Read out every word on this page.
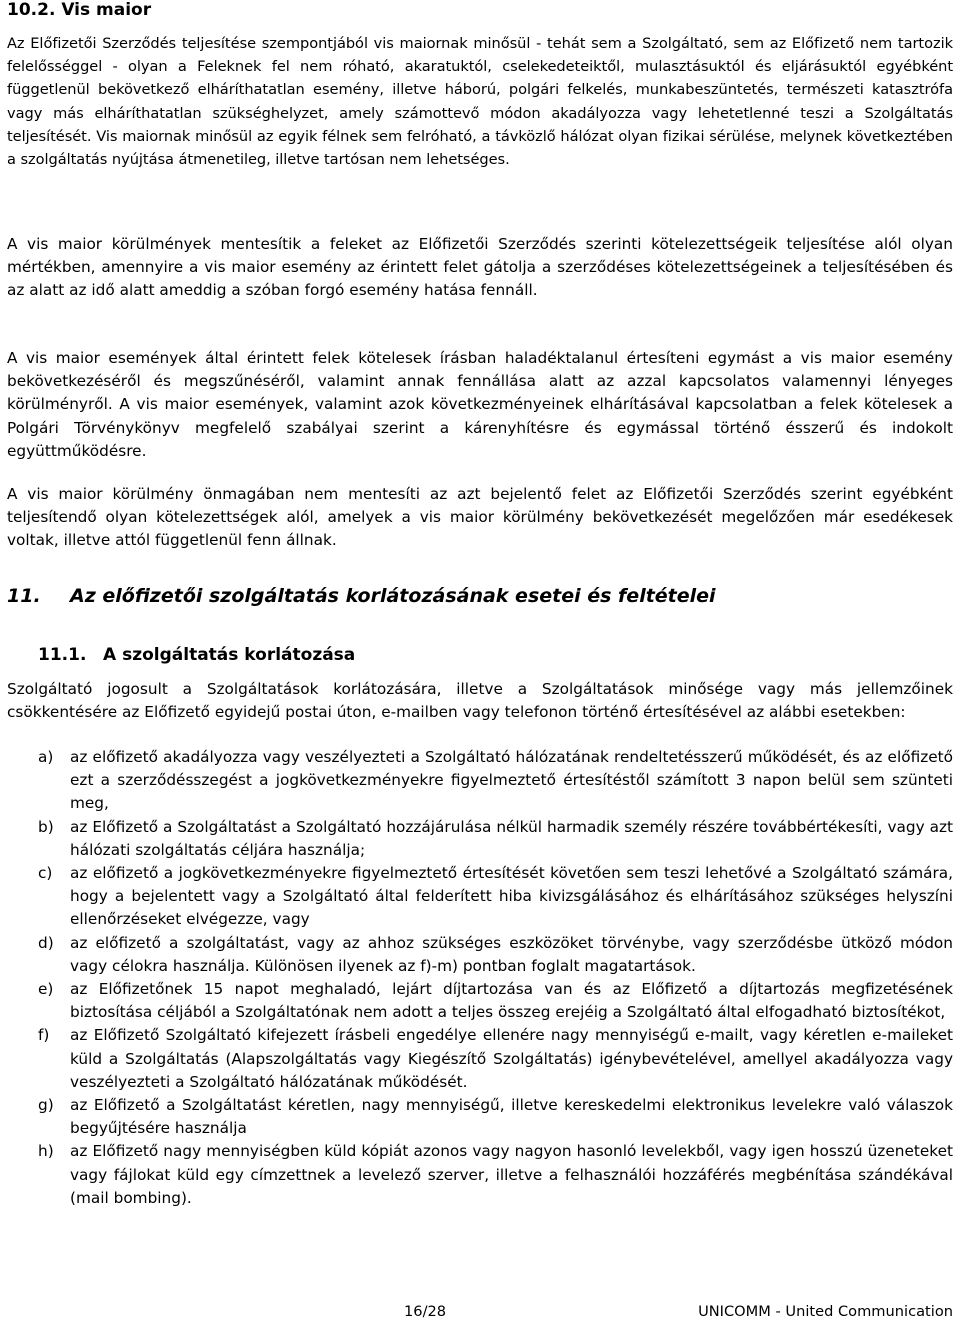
10.2. Vis maior

Az Előfizetői Szerződés teljesítése szempontjából vis maiornak minősül - tehát sem a Szolgáltató, sem az Előfizető nem tartozik felelősséggel - olyan a Feleknek fel nem róható, akaratuktól, cselekedeteiktől, mulasztásuktól és eljárásuktól egyébként függetlenül bekövetkező elháríthatatlan esemény, illetve háború, polgári felkelés, munkabeszüntetés, természeti katasztrófa vagy más elháríthatatlan szükséghelyzet, amely számottevő módon akadályozza vagy lehetetlenné teszi a Szolgáltatás teljesítését. Vis maiornak minősül az egyik félnek sem felróható, a távközlő hálózat olyan fizikai sérülése, melynek következtében a szolgáltatás nyújtása átmenetileg, illetve tartósan nem lehetséges.

A vis maior körülmények mentesítik a feleket az Előfizetői Szerződés szerinti kötelezettségeik teljesítése alól olyan mértékben, amennyire a vis maior esemény az érintett felet gátolja a szerződéses kötelezettségeinek a teljesítésében és az alatt az idő alatt ameddig a szóban forgó esemény hatása fennáll.

A vis maior események által érintett felek kötelesek írásban haladéktalanul értesíteni egymást a vis maior esemény bekövetkezéséről és megszűnéséről, valamint annak fennállása alatt az azzal kapcsolatos valamennyi lényeges körülményről. A vis maior események, valamint azok következményeinek elhárításával kapcsolatban a felek kötelesek a Polgári Törvénykönyv megfelelő szabályai szerint a kárenyhítésre és egymással történő ésszerű és indokolt együttműködésre.

A vis maior körülmény önmagában nem mentesíti az azt bejelentő felet az Előfizetői Szerződés szerint egyébként teljesítendő olyan kötelezettségek alól, amelyek a vis maior körülmény bekövetkezését megelőzően már esedékesek voltak, illetve attól függetlenül fenn állnak.

11. Az előfizetői szolgáltatás korlátozásának esetei és feltételei
11.1. A szolgáltatás korlátozása

Szolgáltató jogosult a Szolgáltatások korlátozására, illetve a Szolgáltatások minősége vagy más jellemzőinek csökkentésére az Előfizető egyidejű postai úton, e-mailben vagy telefonon történő értesítésével az alábbi esetekben:

a) az előfizető akadályozza vagy veszélyezteti a Szolgáltató hálózatának rendeltetésszerű működését, és az előfizető ezt a szerződésszegést a jogkövetkezményekre figyelmeztető értesítéstől számított 3 napon belül sem szünteti meg,
b) az Előfizető a Szolgáltatást a Szolgáltató hozzájárulása nélkül harmadik személy részére továbbértékesíti, vagy azt hálózati szolgáltatás céljára használja;
c) az előfizető a jogkövetkezményekre figyelmeztető értesítését követően sem teszi lehetővé a Szolgáltató számára, hogy a bejelentett vagy a Szolgáltató által felderített hiba kivizsgálásához és elhárításához szükséges helyszíni ellenőrzéseket elvégezze, vagy
d) az előfizető a szolgáltatást, vagy az ahhoz szükséges eszközöket törvénybe, vagy szerződésbe ütköző módon vagy célokra használja. Különösen ilyenek az f)-m) pontban foglalt magatartások.
e) az Előfizetőnek 15 napot meghaladó, lejárt díjtartozása van és az Előfizető a díjtartozás megfizetésének biztosítása céljából a Szolgáltatónak nem adott a teljes összeg erejéig a Szolgáltató által elfogadható biztosítékot,
f) az Előfizető Szolgáltató kifejezett írásbeli engedélye ellenére nagy mennyiségű e-mailt, vagy kéretlen e-maileket küld a Szolgáltatás (Alapszolgáltatás vagy Kiegészítő Szolgáltatás) igénybevételével, amellyel akadályozza vagy veszélyezteti a Szolgáltató hálózatának működését.
g) az Előfizető a Szolgáltatást kéretlen, nagy mennyiségű, illetve kereskedelmi elektronikus levelekre való válaszok begyűjtésére használja
h) az Előfizető nagy mennyiségben küld kópiát azonos vagy nagyon hasonló levelekből, vagy igen hosszú üzeneteket vagy fájlokat küld egy címzettnek a levelező szerver, illetve a felhasználói hozzáférés megbénítása szándékával (mail bombing).
16/28	UNICOMM - United Communication
